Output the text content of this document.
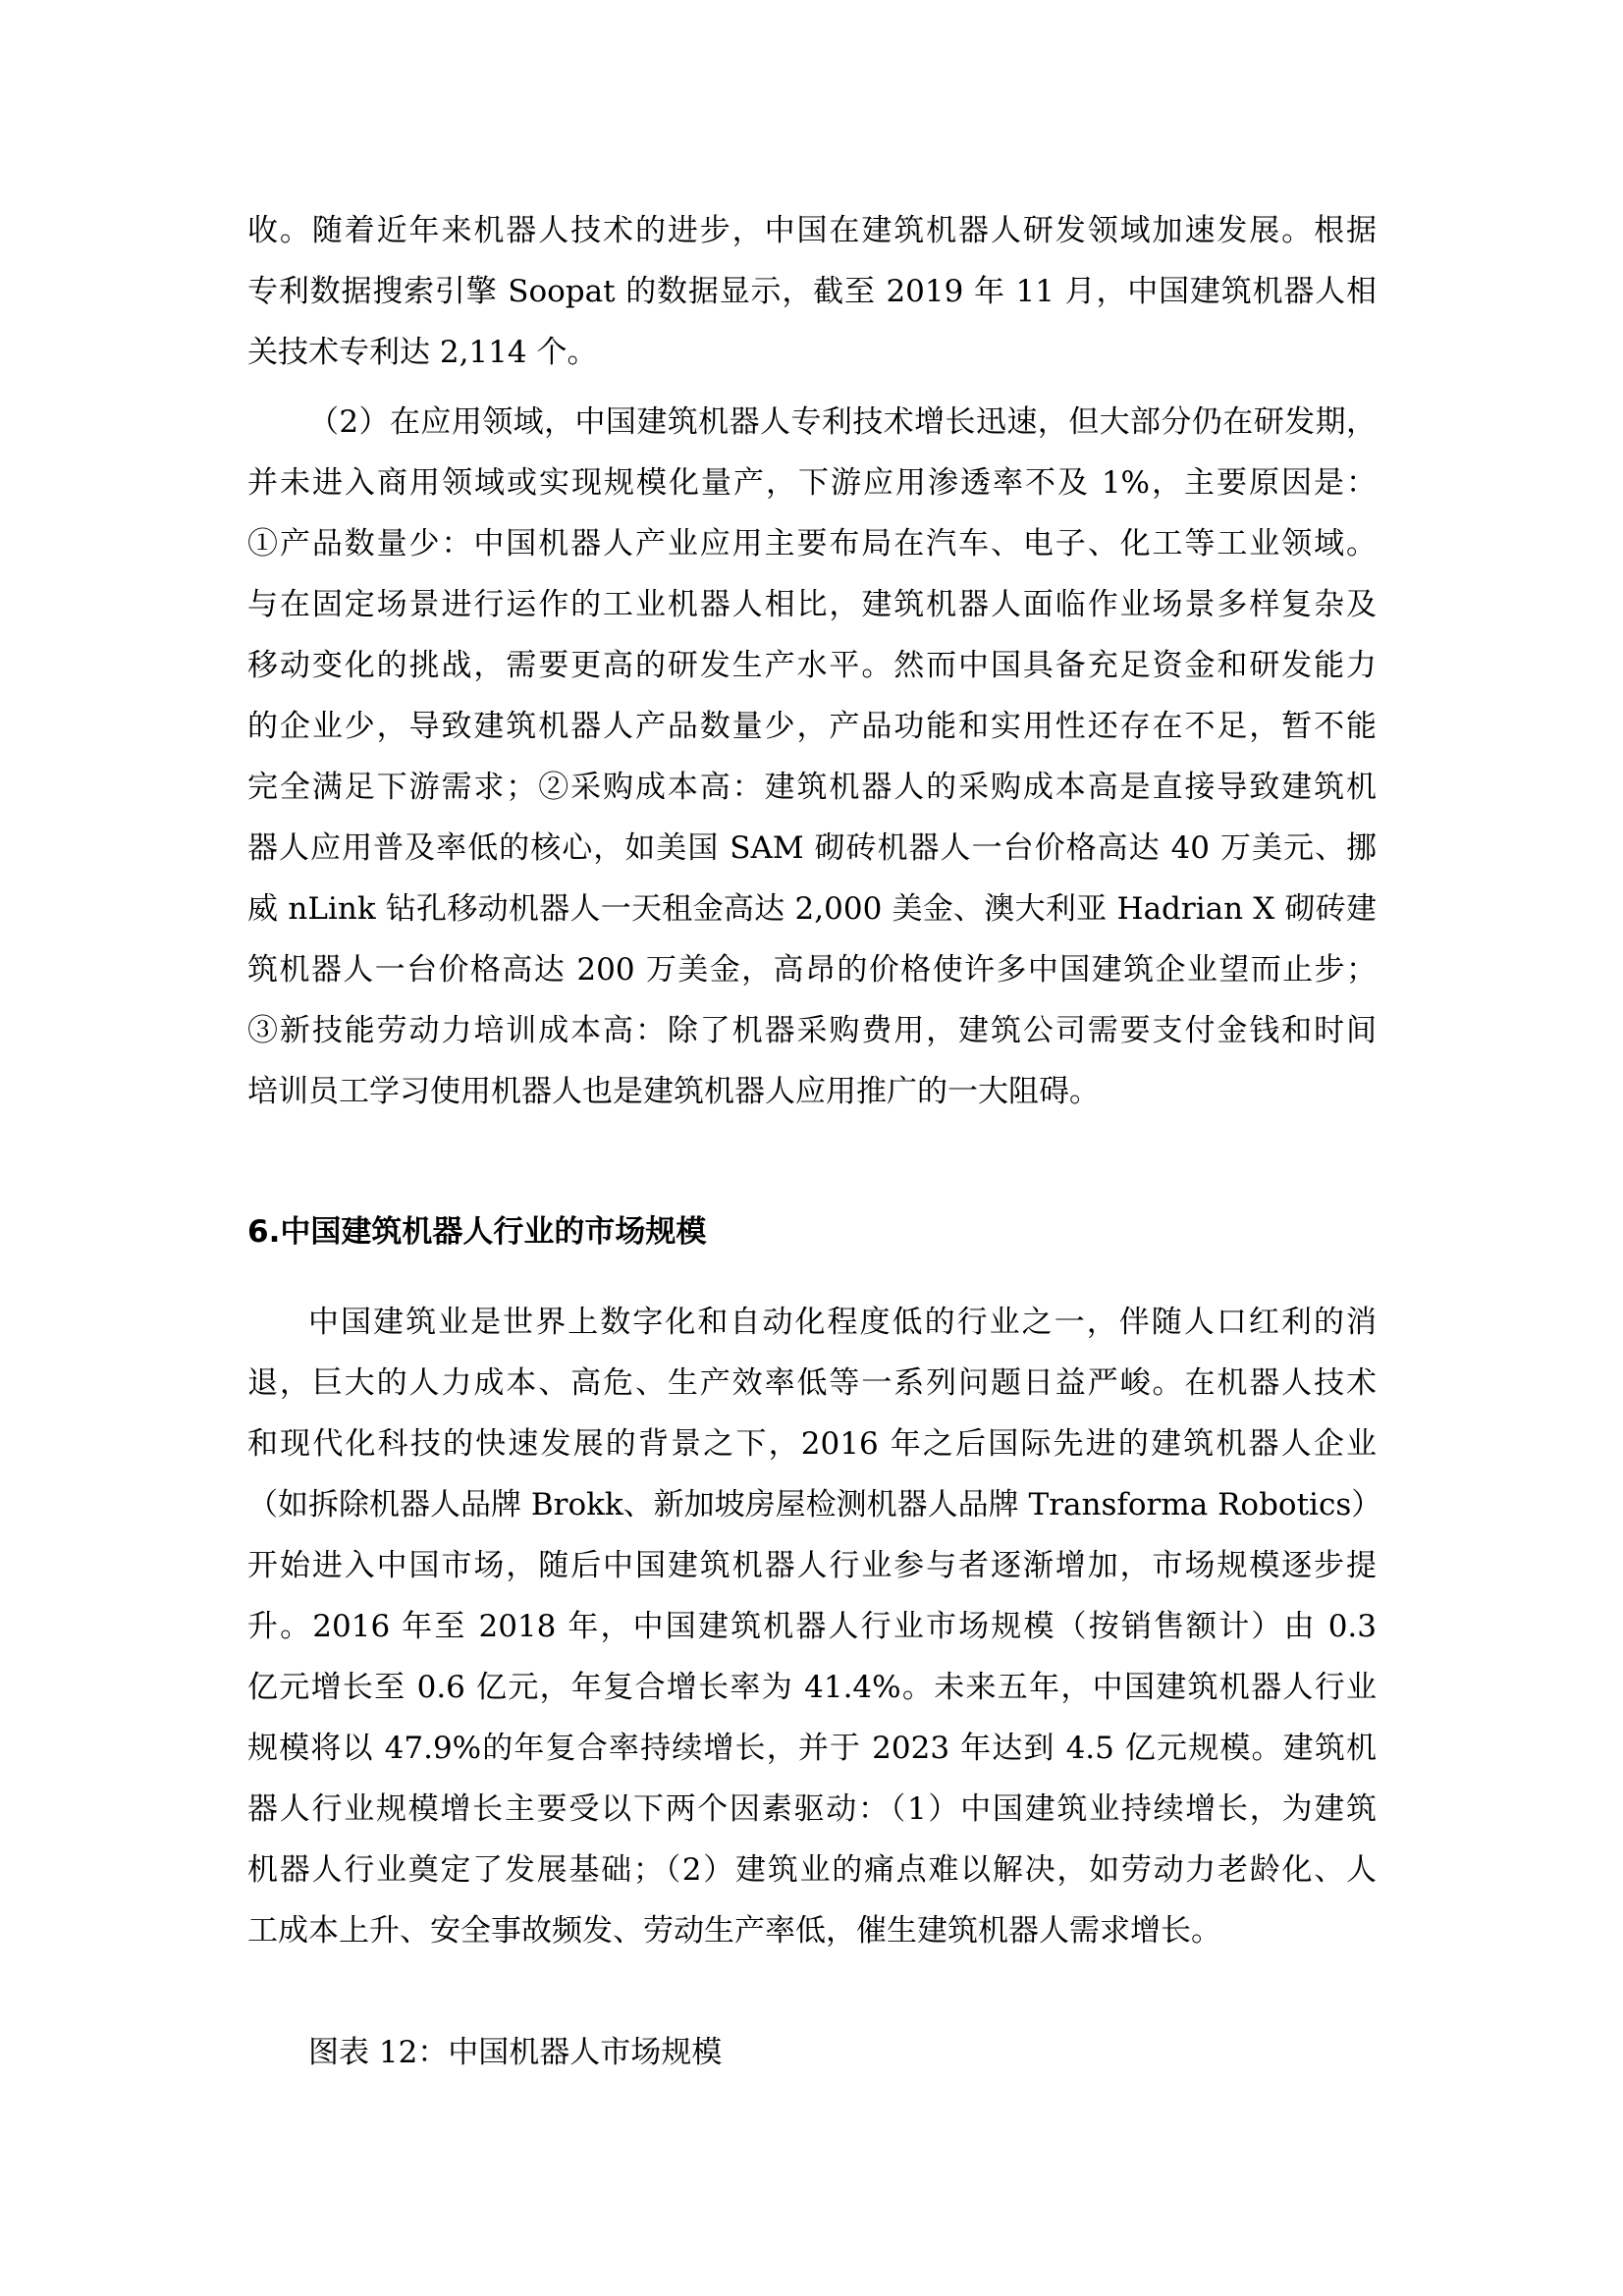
收。随着近年来机器人技术的进步，中国在建筑机器人研发领域加速发展。根据
专利数据搜索引擎 Soopat 的数据显示，截至 2019 年 11 月，中国建筑机器人相
关技术专利达 2,114 个。
（2）在应用领域，中国建筑机器人专利技术增长迅速，但大部分仍在研发期，
并未进入商用领域或实现规模化量产，下游应用渗透率不及 1%，主要原因是：
①产品数量少：中国机器人产业应用主要布局在汽车、电子、化工等工业领域。
与在固定场景进行运作的工业机器人相比，建筑机器人面临作业场景多样复杂及
移动变化的挑战，需要更高的研发生产水平。然而中国具备充足资金和研发能力
的企业少，导致建筑机器人产品数量少，产品功能和实用性还存在不足，暂不能
完全满足下游需求；②采购成本高：建筑机器人的采购成本高是直接导致建筑机
器人应用普及率低的核心，如美国 SAM 砌砖机器人一台价格高达 40 万美元、挪
威 nLink 钻孔移动机器人一天租金高达 2,000 美金、澳大利亚 Hadrian X 砌砖建
筑机器人一台价格高达 200 万美金，高昂的价格使许多中国建筑企业望而止步；
③新技能劳动力培训成本高：除了机器采购费用，建筑公司需要支付金钱和时间
培训员工学习使用机器人也是建筑机器人应用推广的一大阻碍。
6.中国建筑机器人行业的市场规模
中国建筑业是世界上数字化和自动化程度低的行业之一，伴随人口红利的消
退，巨大的人力成本、高危、生产效率低等一系列问题日益严峻。在机器人技术
和现代化科技的快速发展的背景之下，2016 年之后国际先进的建筑机器人企业
（如拆除机器人品牌 Brokk、新加坡房屋检测机器人品牌 Transforma Robotics）
开始进入中国市场，随后中国建筑机器人行业参与者逐渐增加，市场规模逐步提
升。2016 年至 2018 年，中国建筑机器人行业市场规模（按销售额计）由 0.3
亿元增长至 0.6 亿元，年复合增长率为 41.4%。未来五年，中国建筑机器人行业
规模将以 47.9%的年复合率持续增长，并于 2023 年达到 4.5 亿元规模。建筑机
器人行业规模增长主要受以下两个因素驱动：（1）中国建筑业持续增长，为建筑
机器人行业奠定了发展基础；（2）建筑业的痛点难以解决，如劳动力老龄化、人
工成本上升、安全事故频发、劳动生产率低，催生建筑机器人需求增长。
图表 12：中国机器人市场规模
